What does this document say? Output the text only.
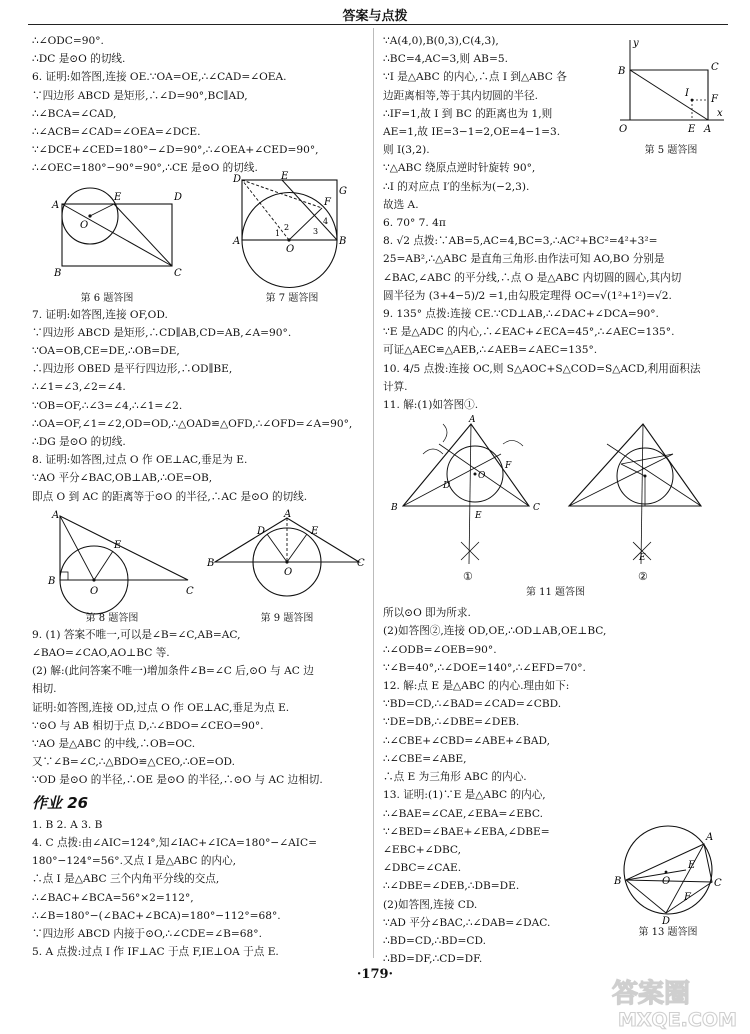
答案与点拨
∴∠ODC=90°.
∴DC 是⊙O 的切线.
6. 证明:如答图,连接 OE.∵OA=OE,∴∠CAD=∠OEA.
∵四边形 ABCD 是矩形,∴∠D=90°,BC∥AD,
∴∠BCA=∠CAD,
∴∠ACB=∠CAD=∠OEA=∠DCE.
∵∠DCE+∠CED=180°−∠D=90°,∴∠OEA+∠CED=90°,
∴∠OEC=180°−90°=90°,∴CE 是⊙O 的切线.
A
E	D
O
B	C
第 6 题答图
D	E
F
G
A
1
2	3
4
O
B
第 7 题答图
7. 证明:如答图,连接 OF,OD.
∵四边形 ABCD 是矩形,∴CD∥AB,CD=AB,∠A=90°.
∵OA=OB,CE=DE,∴OB=DE,
∴四边形 OBED 是平行四边形,∴OD∥BE,
∴∠1=∠3,∠2=∠4.
∵OB=OF,∴∠3=∠4,∴∠1=∠2.
∴OA=OF,∠1=∠2,OD=OD,∴△OAD≌△OFD,∴∠OFD=∠A=90°,
∴DG 是⊙O 的切线.
8. 证明:如答图,过点 O 作 OE⊥AC,垂足为 E.
∵AO 平分∠BAC,OB⊥AB,∴OE=OB,
即点 O 到 AC 的距离等于⊙O 的半径,∴AC 是⊙O 的切线.
A
E
B
O	C
第 8 题答图
A
D	E
B
O
C
第 9 题答图
9. (1) 答案不唯一,可以是∠B=∠C,AB=AC,
∠BAO=∠CAO,AO⊥BC 等.
(2) 解:(此问答案不唯一)增加条件∠B=∠C 后,⊙O 与 AC 边
相切.
证明:如答图,连接 OD,过点 O 作 OE⊥AC,垂足为点 E.
∵⊙O 与 AB 相切于点 D,∴∠BDO=∠CEO=90°.
∵AO 是△ABC 的中线,∴OB=OC.
又∵∠B=∠C,∴△BDO≌△CEO,∴OE=OD.
∵OD 是⊙O 的半径,∴OE 是⊙O 的半径,∴⊙O 与 AC 边相切.
作业 26
1. B 2. A 3. B
4. C 点拨:由∠AIC=124°,知∠IAC+∠ICA=180°−∠AIC=
180°−124°=56°.又点 I 是△ABC 的内心,
∴点 I 是△ABC 三个内角平分线的交点,
∴∠BAC+∠BCA=56°×2=112°,
∴∠B=180°−(∠BAC+∠BCA)=180°−112°=68°.
∵四边形 ABCD 内接于⊙O,∴∠CDE=∠B=68°.
5. A 点拨:过点 I 作 IF⊥AC 于点 F,IE⊥OA 于点 E.
∵A(4,0),B(0,3),C(4,3),
∴BC=4,AC=3,则 AB=5.
∵I 是△ABC 的内心,∴点 I 到△ABC 各
边距离相等,等于其内切圆的半径.
∴IF=1,故 I 到 BC 的距离也为 1,则
AE=1,故 IE=3−1=2,OE=4−1=3.
则 I(3,2).
∵△ABC 绕原点逆时针旋转 90°,
∴I 的对应点 I′的坐标为(−2,3).
故选 A.
y
B	C
I
F
O	E A
x
第 5 题答图
6. 70° 7. 4π
8. √2 点拨:∵AB=5,AC=4,BC=3,∴AC²+BC²=4²+3²=
25=AB²,∴△ABC 是直角三角形.由作法可知 AO,BO 分别是
∠BAC,∠ABC 的平分线,∴点 O 是△ABC 内切圆的圆心,其内切
圆半径为 (3+4−5)/2 =1,由勾股定理得 OC=√(1²+1²)=√2.
9. 135° 点拨:连接 CE.∵CD⊥AB,∴∠DAC+∠DCA=90°.
∵E 是△ADC 的内心,∴∠EAC+∠ECA=45°,∴∠AEC=135°.
可证△AEC≌△AEB,∴∠AEB=∠AEC=135°.
10. 4/5 点拨:连接 OC,则 S△AOC+S△COD=S△ACD,利用面积法
计算.
11. 解:(1)如答图①.
A
F
O
B
D
E
C
①
E
②
第 11 题答图
所以⊙O 即为所求.
(2)如答图②,连接 OD,OE,∴OD⊥AB,OE⊥BC,
∴∠ODB=∠OEB=90°.
∵∠B=40°,∴∠DOE=140°,∴∠EFD=70°.
12. 解:点 E 是△ABC 的内心.理由如下:
∵BD=CD,∴∠BAD=∠CAD=∠CBD.
∵DE=DB,∴∠DBE=∠DEB.
∴∠CBE+∠CBD=∠ABE+∠BAD,
∴∠CBE=∠ABE,
∴点 E 为三角形 ABC 的内心.
13. 证明:(1)∵E 是△ABC 的内心,
∴∠BAE=∠CAE,∠EBA=∠EBC.
∵∠BED=∠BAE+∠EBA,∠DBE=
∠EBC+∠DBC,
∠DBC=∠CAE.
∴∠DBE=∠DEB,∴DB=DE.
(2)如答图,连接 CD.
∵AD 平分∠BAC,∴∠DAB=∠DAC.
∴BD=CD,∴BD=CD.
∴BD=DF,∴CD=DF.
A
E
B	O	C
F
D
第 13 题答图
·179·
答案圈
MXQE.COM
